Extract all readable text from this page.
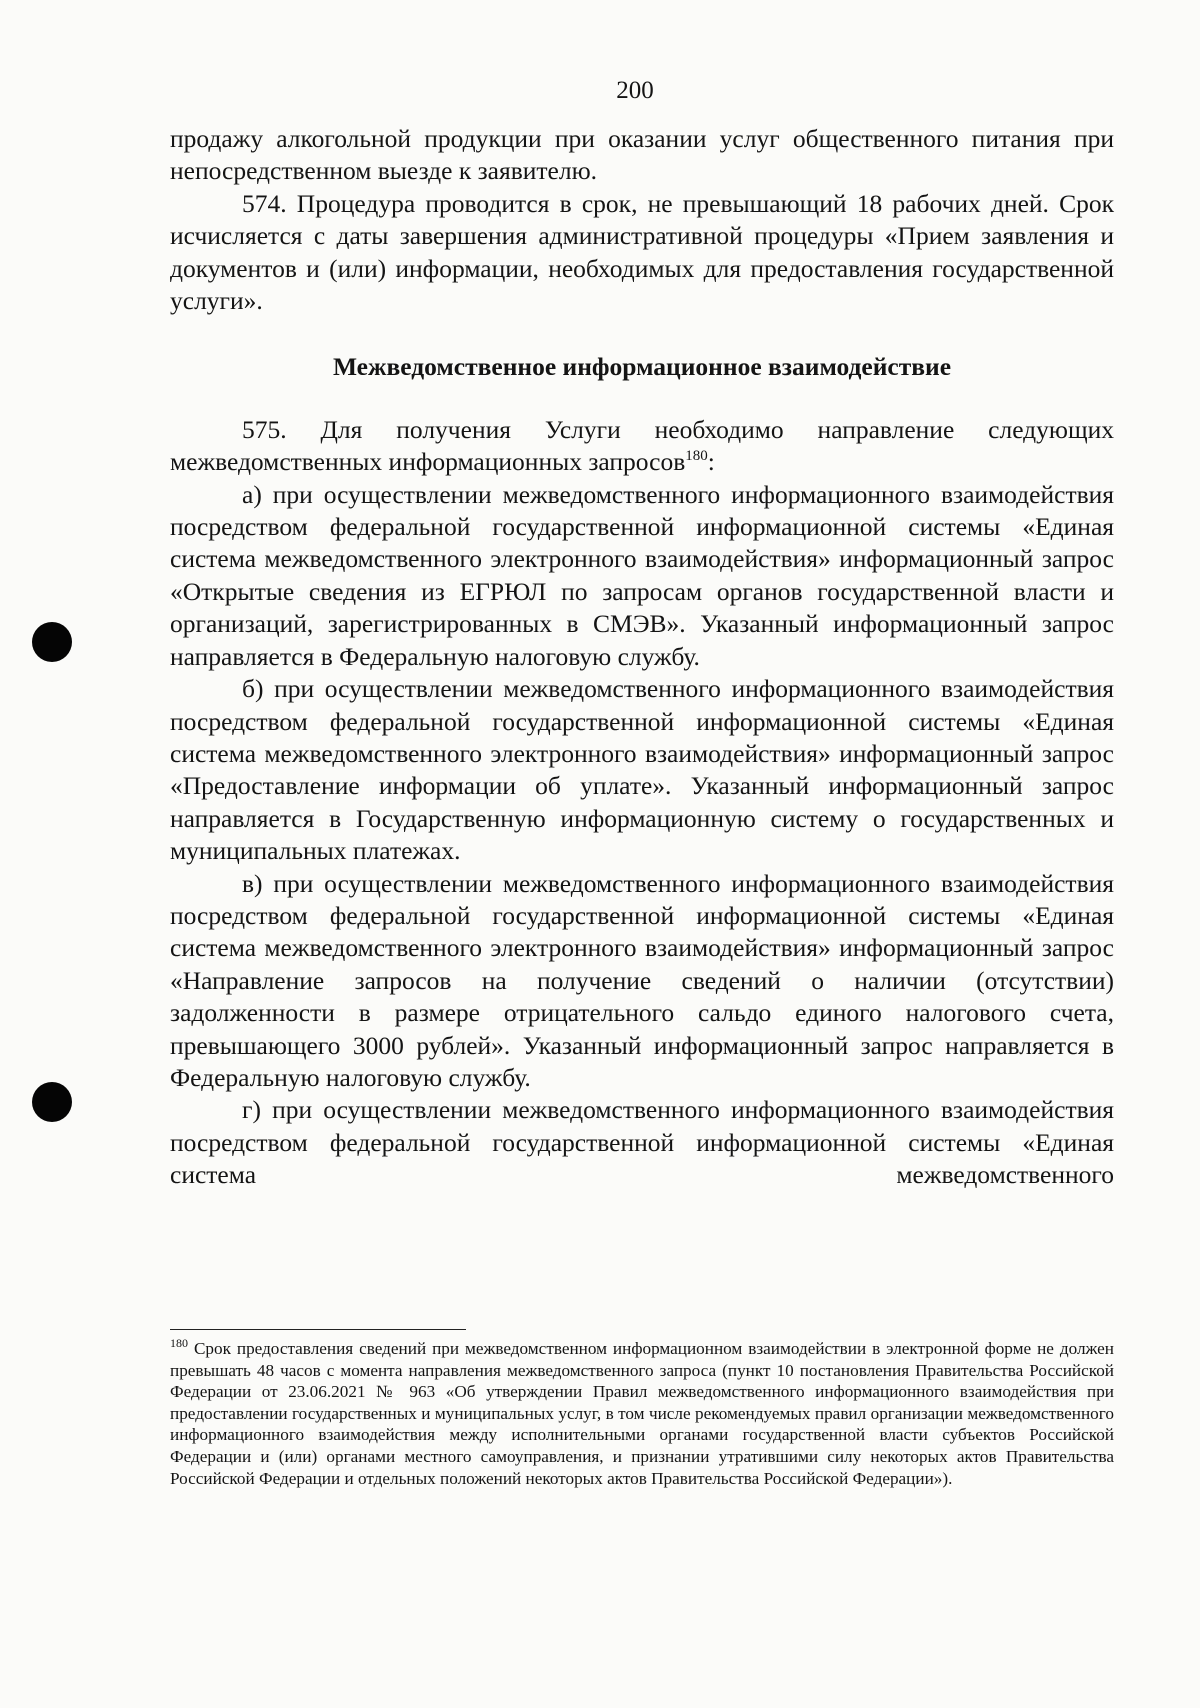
200

продажу алкогольной продукции при оказании услуг общественного питания при непосредственном выезде к заявителю.

574. Процедура проводится в срок, не превышающий 18 рабочих дней. Срок исчисляется с даты завершения административной процедуры «Прием заявления и документов и (или) информации, необходимых для предоставления государственной услуги».

Межведомственное информационное взаимодействие

575. Для получения Услуги необходимо направление следующих межведомственных информационных запросов$^{180}$:

а) при осуществлении межведомственного информационного взаимодействия посредством федеральной государственной информационной системы «Единая система межведомственного электронного взаимодействия» информационный запрос «Открытые сведения из ЕГРЮЛ по запросам органов государственной власти и организаций, зарегистрированных в СМЭВ». Указанный информационный запрос направляется в Федеральную налоговую службу.

б) при осуществлении межведомственного информационного взаимодействия посредством федеральной государственной информационной системы «Единая система межведомственного электронного взаимодействия» информационный запрос «Предоставление информации об уплате». Указанный информационный запрос направляется в Государственную информационную систему о государственных и муниципальных платежах.

в) при осуществлении межведомственного информационного взаимодействия посредством федеральной государственной информационной системы «Единая система межведомственного электронного взаимодействия» информационный запрос «Направление запросов на получение сведений о наличии (отсутствии) задолженности в размере отрицательного сальдо единого налогового счета, превышающего 3000 рублей». Указанный информационный запрос направляется в Федеральную налоговую службу.

г) при осуществлении межведомственного информационного взаимодействия посредством федеральной государственной информационной системы «Единая система межведомственного

$^{180}$ Срок предоставления сведений при межведомственном информационном взаимодействии в электронной форме не должен превышать 48 часов с момента направления межведомственного запроса (пункт 10 постановления Правительства Российской Федерации от 23.06.2021 № 963 «Об утверждении Правил межведомственного информационного взаимодействия при предоставлении государственных и муниципальных услуг, в том числе рекомендуемых правил организации межведомственного информационного взаимодействия между исполнительными органами государственной власти субъектов Российской Федерации и (или) органами местного самоуправления, и признании утратившими силу некоторых актов Правительства Российской Федерации и отдельных положений некоторых актов Правительства Российской Федерации»).
